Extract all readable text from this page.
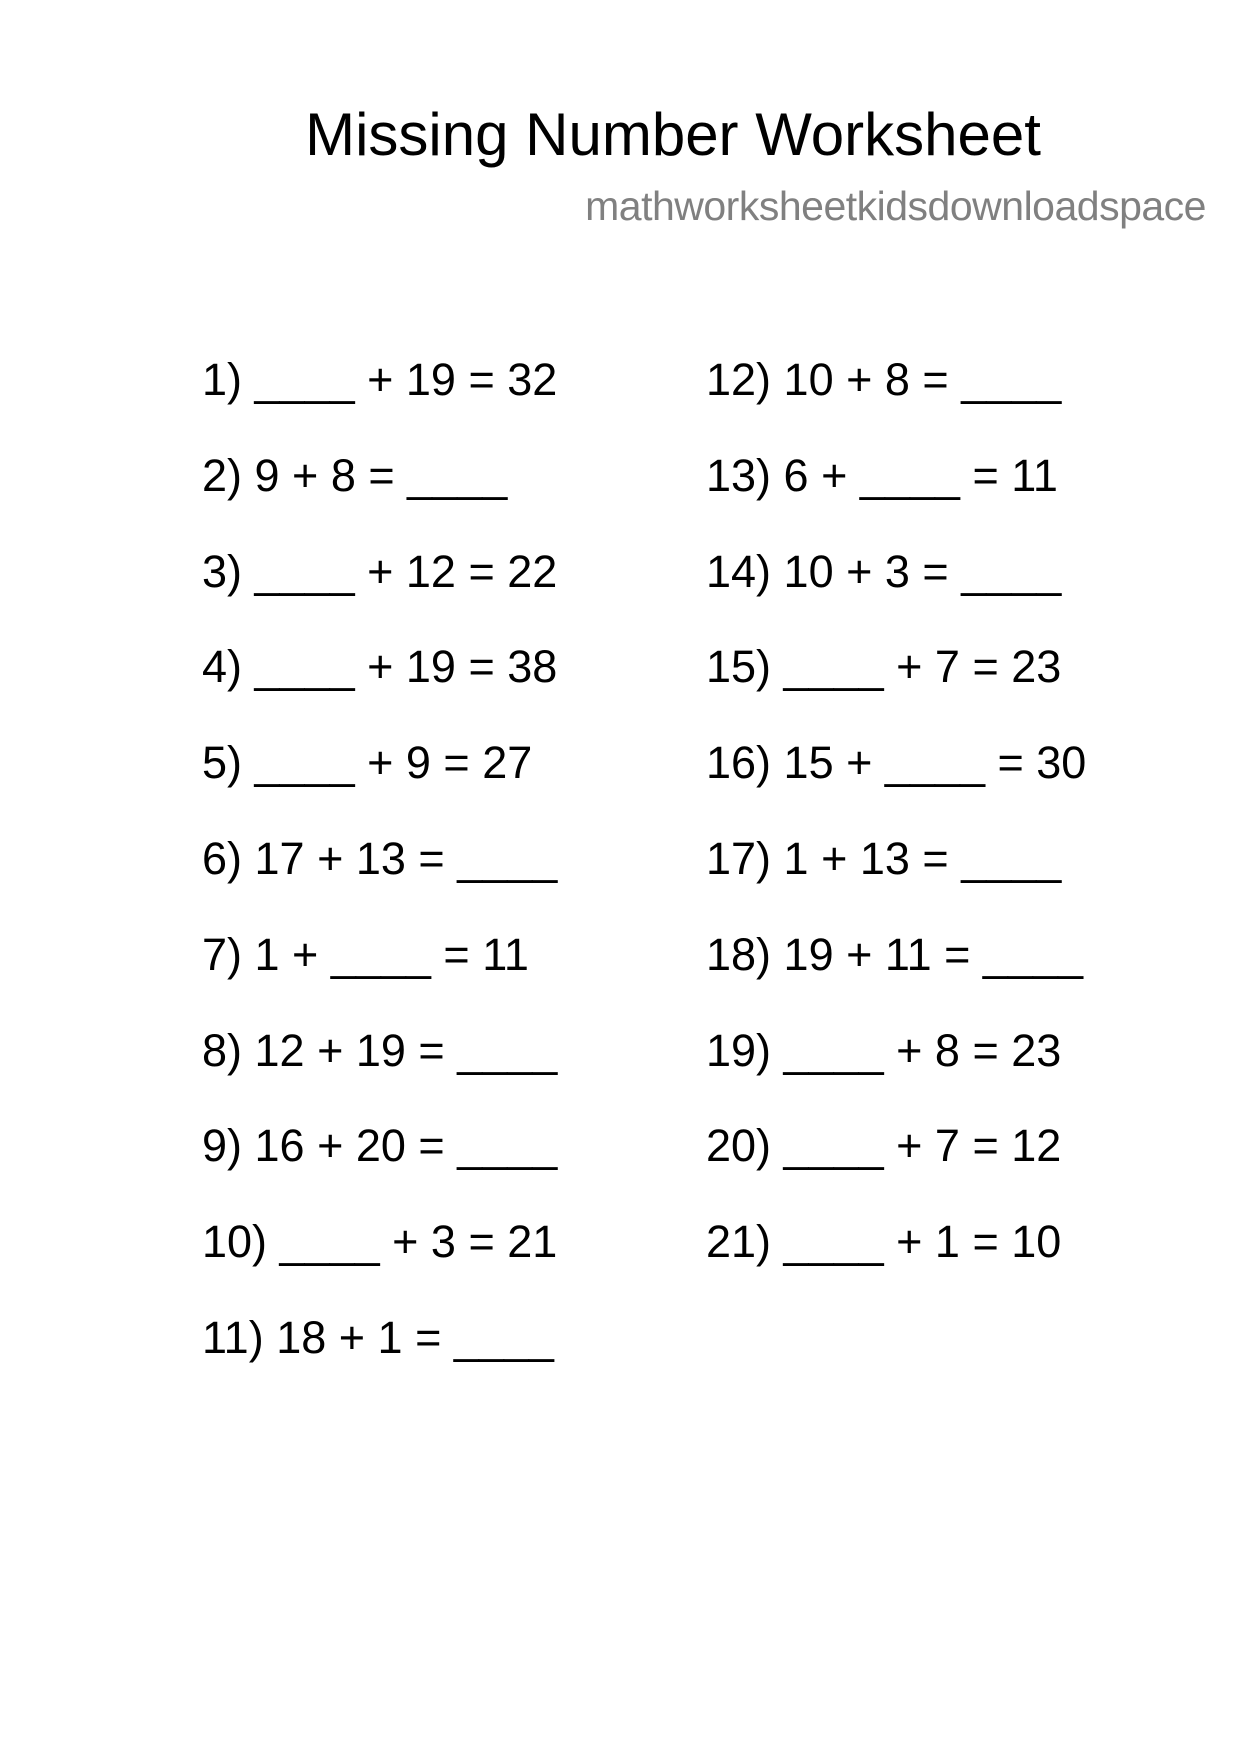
Missing Number Worksheet
mathworksheetkidsdownloadspace
1) ____ + 19 = 32
2) 9 + 8 = ____
3) ____ + 12 = 22
4) ____ + 19 = 38
5) ____ + 9 = 27
6) 17 + 13 = ____
7) 1 + ____ = 11
8) 12 + 19 = ____
9) 16 + 20 = ____
10) ____ + 3 = 21
11) 18 + 1 = ____
12) 10 + 8 = ____
13) 6 + ____ = 11
14) 10 + 3 = ____
15) ____ + 7 = 23
16) 15 + ____ = 30
17) 1 + 13 = ____
18) 19 + 11 = ____
19) ____ + 8 = 23
20) ____ + 7 = 12
21) ____ + 1 = 10
